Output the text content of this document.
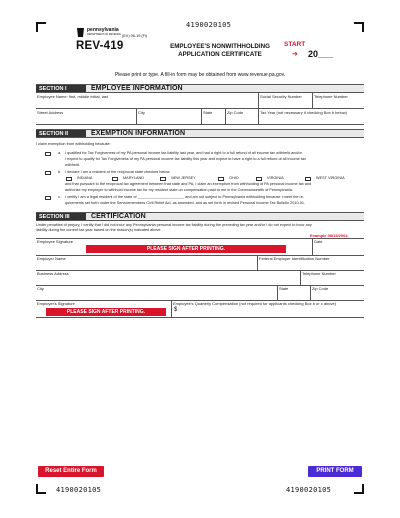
4190020105
pennsylvania
DEPARTMENT OF REVENUE (EX) 06-19 (FI)
REV-419	EMPLOYEE'S NONWITHHOLDING
APPLICATION CERTIFICATE
START
➜ 20___
Please print or type. A fill-in form may be obtained from www.revenue.pa.gov.
SECTION I	EMPLOYEE INFORMATION
Employee Name: first, middle initial, last	Social Security Number	Telephone Number
Street Address	City	State	Zip Code	Tax Year (not necessary if checking Box b below)
SECTION II	EXEMPTION INFORMATION
I claim exemption from withholding because:
a. I qualified for Tax Forgiveness of my PA personal income tax liability last year, and had a right to a full refund of all income tax withheld and/or
I expect to qualify for Tax Forgiveness of my PA personal income tax liability this year and expect to have a right to a full refund of all income tax
withheld.
b. I declare I am a resident of the reciprocal state checked below:
INDIANA	MARYLAND	NEW JERSEY	OHIO	VIRGINIA	WEST VIRGINIA
and that pursuant to the reciprocal tax agreement between that state and PA, I claim an exemption from withholding of PA personal income tax and
authorize my employer to withhold income tax for my resident state on compensation paid to me in the Commonwealth of Pennsylvania.
c. I certify I am a legal resident of the state of ______________________ and am not subject to Pennsylvania withholding because I meet the re-
quirements set forth under the Servicemembers Civil Relief Act, as amended, and as set forth in revised Personal Income Tax Bulletin 2010-01.
SECTION III	CERTIFICATION
Under penalties of perjury, I certify that I did not incur any Pennsylvania personal income tax liability during the preceding tax year and/or I do not expect to incur any
liability during the current tax year based on the reason(s) indicated above.
Example 08/15/2004
Employee Signature	Date
PLEASE SIGN AFTER PRINTING.
Employer Name	Federal Employer Identification Number
Business Address	Telephone Number
City	State	Zip Code
Employer's Signature	Employee's Quarterly Compensation (not required for applicants checking Box b or c above)
PLEASE SIGN AFTER PRINTING.	$
Reset Entire Form	PRINT FORM
4190020105	4190020105
